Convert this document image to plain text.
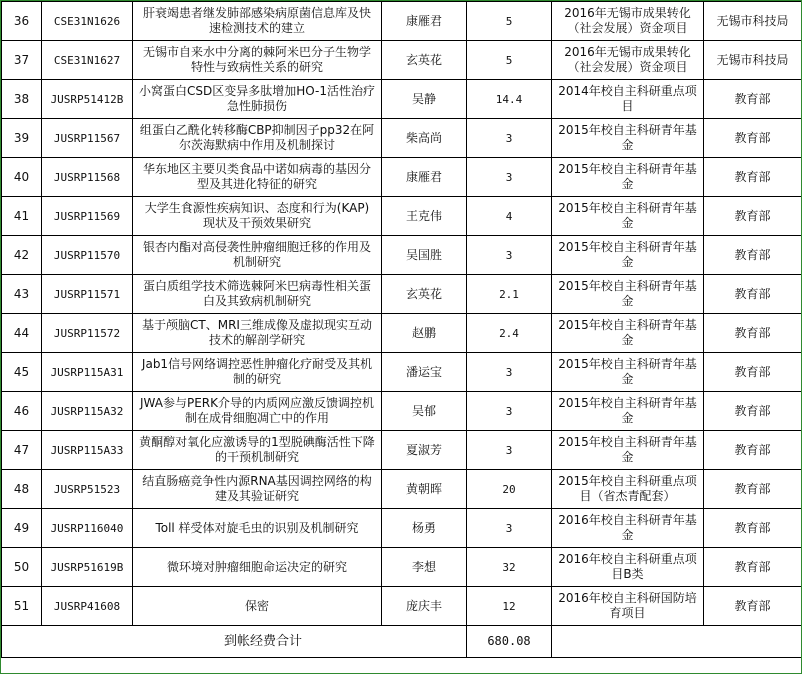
36	CSE31N1626	肝衰竭患者继发肺部感染病原菌信息库及快速检测技术的建立	康雁君	5	2016年无锡市成果转化（社会发展）资金项目	无锡市科技局
37	CSE31N1627	无锡市自来水中分离的棘阿米巴分子生物学特性与致病性关系的研究	玄英花	5	2016年无锡市成果转化（社会发展）资金项目	无锡市科技局
38	JUSRP51412B	小窝蛋白CSD区变异多肽增加HO-1活性治疗急性肺损伤	吴静	14.4	2014年校自主科研重点项目	教育部
39	JUSRP11567	组蛋白乙酰化转移酶CBP抑制因子pp32在阿尔茨海默病中作用及机制探讨	柴高尚	3	2015年校自主科研青年基金	教育部
40	JUSRP11568	华东地区主要贝类食品中诺如病毒的基因分型及其进化特征的研究	康雁君	3	2015年校自主科研青年基金	教育部
41	JUSRP11569	大学生食源性疾病知识、态度和行为(KAP)现状及干预效果研究	王克伟	4	2015年校自主科研青年基金	教育部
42	JUSRP11570	银杏内酯对高侵袭性肿瘤细胞迁移的作用及机制研究	吴国胜	3	2015年校自主科研青年基金	教育部
43	JUSRP11571	蛋白质组学技术筛选棘阿米巴病毒性相关蛋白及其致病机制研究	玄英花	2.1	2015年校自主科研青年基金	教育部
44	JUSRP11572	基于颅脑CT、MRI三维成像及虚拟现实互动技术的解剖学研究	赵鹏	2.4	2015年校自主科研青年基金	教育部
45	JUSRP115A31	Jab1信号网络调控恶性肿瘤化疗耐受及其机制的研究	潘运宝	3	2015年校自主科研青年基金	教育部
46	JUSRP115A32	JWA参与PERK介导的内质网应激反馈调控机制在成骨细胞凋亡中的作用	吴郁	3	2015年校自主科研青年基金	教育部
47	JUSRP115A33	黄酮醇对氧化应激诱导的1型脱碘酶活性下降的干预机制研究	夏淑芳	3	2015年校自主科研青年基金	教育部
48	JUSRP51523	结直肠癌竞争性内源RNA基因调控网络的构建及其验证研究	黄朝晖	20	2015年校自主科研重点项目（省杰青配套）	教育部
49	JUSRP116040	Toll 样受体对旋毛虫的识别及机制研究	杨勇	3	2016年校自主科研青年基金	教育部
50	JUSRP51619B	微环境对肿瘤细胞命运决定的研究	李想	32	2016年校自主科研重点项目B类	教育部
51	JUSRP41608	保密	庞庆丰	12	2016年校自主科研国防培育项目	教育部
到帐经费合计				680.08		
